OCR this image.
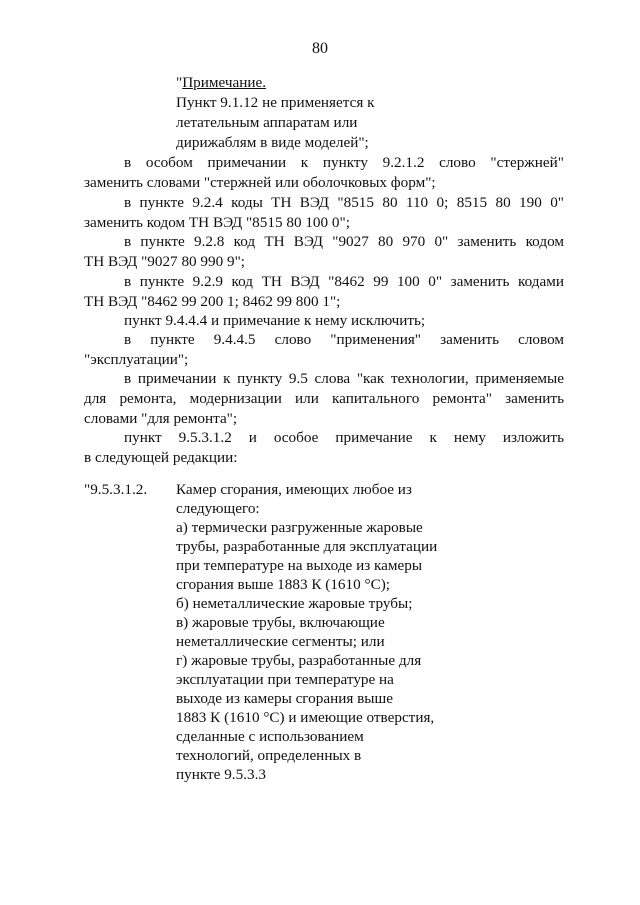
80
"Примечание.
Пункт 9.1.12 не применяется к
летательным аппаратам или
дирижаблям в виде моделей";
в особом примечании к пункту 9.2.1.2 слово "стержней"
заменить словами "стержней или оболочковых форм";
в пункте 9.2.4 коды ТН ВЭД "8515 80 110 0; 8515 80 190 0"
заменить кодом ТН ВЭД "8515 80 100 0";
в пункте 9.2.8 код ТН ВЭД "9027 80 970 0" заменить кодом
ТН ВЭД "9027 80 990 9";
в пункте 9.2.9 код ТН ВЭД "8462 99 100 0" заменить кодами
ТН ВЭД "8462 99 200 1; 8462 99 800 1";
пункт 9.4.4.4 и примечание к нему исключить;
в пункте 9.4.4.5 слово "применения" заменить словом
"эксплуатации";
в примечании к пункту 9.5 слова "как технологии, применяемые
для ремонта, модернизации или капитального ремонта" заменить
словами "для ремонта";
пункт 9.5.3.1.2 и особое примечание к нему изложить
в следующей редакции:
"9.5.3.1.2. Камер сгорания, имеющих любое из
следующего:
а) термически разгруженные жаровые
трубы, разработанные для эксплуатации
при температуре на выходе из камеры
сгорания выше 1883 К (1610 °С);
б) неметаллические жаровые трубы;
в) жаровые трубы, включающие
неметаллические сегменты; или
г) жаровые трубы, разработанные для
эксплуатации при температуре на
выходе из камеры сгорания выше
1883 К (1610 °С) и имеющие отверстия,
сделанные с использованием
технологий, определенных в
пункте 9.5.3.3
